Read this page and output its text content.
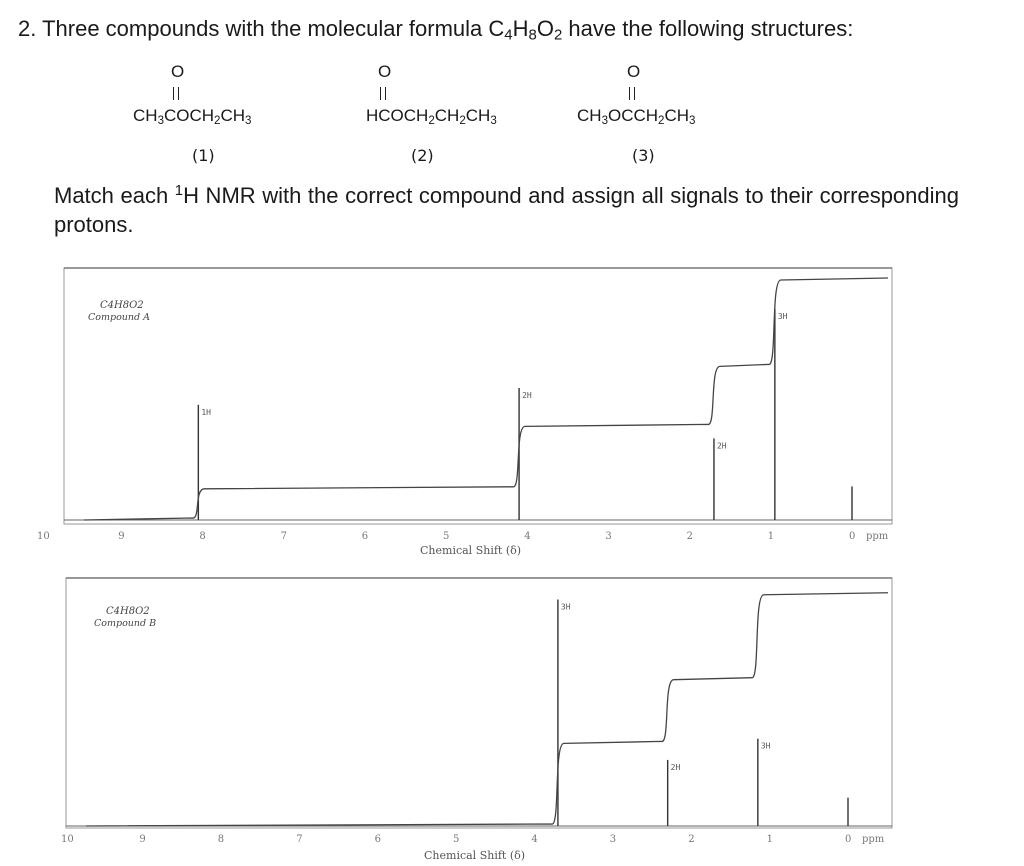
2. Three compounds with the molecular formula $C_4H_8O_2$ have the following structures:
O
$CH_3COCH_2CH_3$
(1)
O
$HCOCH_2CH_2CH_3$
(2)
O
$CH_3OCCH_2CH_3$
(3)
Match each $^1$H NMR with the correct compound and assign all signals to their corresponding protons.
C4H8O2
Compound A
1H
2H
2H
3H
10	9	8	7	6	5	4	3	2	1	0 ppm
Chemical Shift (δ)
C4H8O2
Compound B
3H
2H
3H
10	9	8	7	6	5	4	3	2	1	0 ppm
Chemical Shift (δ)
